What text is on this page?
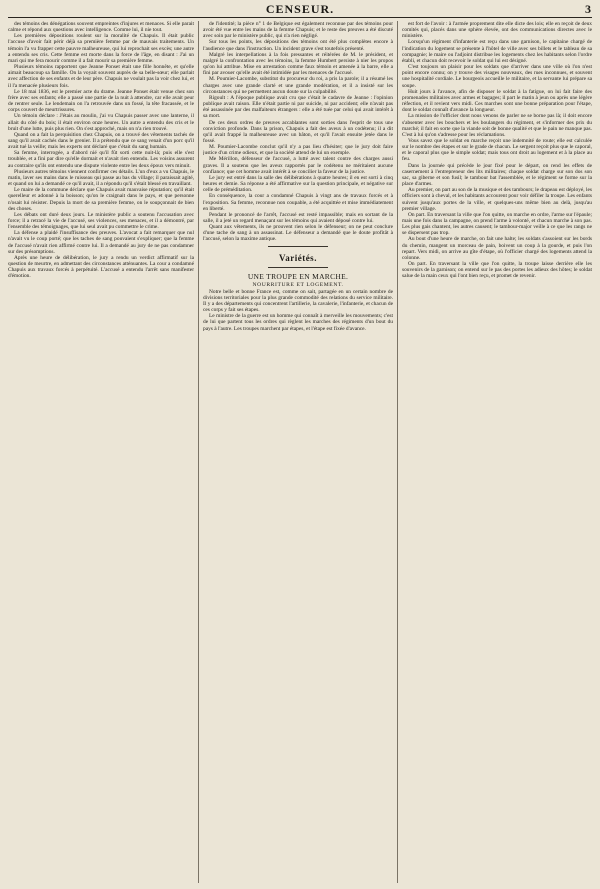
CENSEUR.	3

des témoins des dénégations souvent empreintes d'injures et menaces. Si elle parait calme et répond aux questions avec intelligence. Comme lui, il nie tout.

Les premières dépositions roulent sur la moralité de Chapuis. Il était public l'accuse d'avoir fait périr déjà sa première femme par de mauvais traitements. Un témoin l'a vu frapper cette pauvre malheureuse, qui lui reprochait ses excès; une autre a entendu ses cris. Cette femme est morte dans la force de l'âge, en disant : J'ai un mari qui me fera mourir comme il a fait mourir sa première femme.

Plusieurs témoins rapportent que Jeanne Ponset était une fille honnête, et qu'elle aimait beaucoup sa famille. On la voyait souvent auprès de sa belle-sœur; elle parlait avec affection de ses enfants et de leur père. Chapuis ne voulait pas la voir chez lui, et il l'a menacée plusieurs fois.

Le 18 mai 1836, est le premier acte du drame. Jeanne Ponset était venue chez son frère avec ses enfants; elle a passé une partie de la nuit à attendre, car elle avait peur de rentrer seule. Le lendemain on l'a retrouvée dans un fossé, la tête fracassée, et le corps couvert de meurtrissures.

Un témoin déclare : J'étais au moulin, j'ai vu Chapuis passer avec une lanterne, il allait du côté du bois; il était environ onze heures. Un autre a entendu des cris et le bruit d'une lutte, puis plus rien. On s'est approché, mais on n'a rien trouvé.

Quand on a fait la perquisition chez Chapuis, on a trouvé des vêtements tachés de sang qu'il avait cachés dans le grenier. Il a prétendu que ce sang venait d'un porc qu'il avait tué la veille; mais les experts ont déclaré que c'était du sang humain.

Sa femme, interrogée, a d'abord nié qu'il fût sorti cette nuit-là; puis elle s'est troublée, et a fini par dire qu'elle dormait et n'avait rien entendu. Les voisins assurent au contraire qu'ils ont entendu une dispute violente entre les deux époux vers minuit.

Plusieurs autres témoins viennent confirmer ces détails. L'un d'eux a vu Chapuis, le matin, laver ses mains dans le ruisseau qui passe au bas du village; il paraissait agité, et quand on lui a demandé ce qu'il avait, il a répondu qu'il s'était blessé en travaillant.

Le maire de la commune déclare que Chapuis avait mauvaise réputation; qu'il était querelleur et adonné à la boisson; qu'on le craignait dans le pays, et que personne n'osait lui résister. Depuis la mort de sa première femme, on le soupçonnait de bien des choses.

Les débats ont duré deux jours. Le ministère public a soutenu l'accusation avec force; il a retracé la vie de l'accusé, ses violences, ses menaces, et il a démontré, par l'ensemble des témoignages, que lui seul avait pu commettre le crime.

La défense a plaidé l'insuffisance des preuves. L'avocat a fait remarquer que nul n'avait vu le coup porté; que les taches de sang pouvaient s'expliquer; que la femme de l'accusé n'avait rien affirmé contre lui. Il a demandé au jury de ne pas condamner sur des présomptions.

Après une heure de délibération, le jury a rendu un verdict affirmatif sur la question de meurtre, en admettant des circonstances atténuantes. La cour a condamné Chapuis aux travaux forcés à perpétuité. L'accusé a entendu l'arrêt sans manifester d'émotion.

de l'identité; la pièce n° 1 de Belgique est également reconnue par des témoins pour avoir été vue entre les mains de la femme Chapuis; et le reste des preuves a été discuté avec soin par le ministère public, qui n'a rien négligé.

Sur tous les points, les dépositions des témoins ont été plus complètes encore à l'audience que dans l'instruction. Un incident grave s'est toutefois présenté.

Malgré les interpellations à la fois pressantes et réitérées de M. le président, et malgré la confrontation avec les témoins, la femme Humbert persiste à nier les propos qu'on lui attribue. Mise en arrestation comme faux témoin et amenée à la barre, elle a fini par avouer qu'elle avait été intimidée par les menaces de l'accusé.

M. Poumier-Lacombe, substitut du procureur du roi, a pris la parole; il a résumé les charges avec une grande clarté et une grande modération, et il a insisté sur les circonstances qui ne permettent aucun doute sur la culpabilité.

Rigoult : A l'époque publique avait cru que c'était le cadavre de Jeanne : l'opinion publique avait raison. Elle n'était partie ni par suicide, ni par accident; elle n'avait pas été assassinée par des malfaiteurs étrangers : elle a été tuée par celui qui avait intérêt à sa mort.

De ces deux ordres de preuves accablantes sont sorties dans l'esprit de tous une conviction profonde. Dans la prison, Chapuis a fait des aveux à un codétenu; il a dit qu'il avait frappé la malheureuse avec un bâton, et qu'il l'avait ensuite jetée dans le fossé.

M. Poumier-Lacombe conclut qu'il n'y a pas lieu d'hésiter; que le jury doit faire justice d'un crime odieux, et que la société attend de lui un exemple.

Me Mérillon, défenseur de l'accusé, a lutté avec talent contre des charges aussi graves. Il a soutenu que les aveux rapportés par le codétenu ne méritaient aucune confiance; que cet homme avait intérêt à se concilier la faveur de la justice.

Le jury est entré dans la salle des délibérations à quatre heures; il en est sorti à cinq heures et demie. Sa réponse a été affirmative sur la question principale, et négative sur celle de préméditation.

En conséquence, la cour a condamné Chapuis à vingt ans de travaux forcés et à l'exposition. Sa femme, reconnue non coupable, a été acquittée et mise immédiatement en liberté.

Pendant le prononcé de l'arrêt, l'accusé est resté impassible; mais en sortant de la salle, il a jeté un regard menaçant sur les témoins qui avaient déposé contre lui.

Quant aux vêtements, ils ne prouvent rien selon le défenseur; on ne peut conclure d'une tache de sang à un assassinat. Le défenseur a demandé que le doute profitât à l'accusé, selon la maxime antique.

Variétés.
UNE TROUPE EN MARCHE.
NOURRITURE ET LOGEMENT.

Notre belle et bonne France est, comme on sait, partagée en un certain nombre de divisions territoriales pour la plus grande commodité des relations du service militaire. Il y a des départements qui concentrent l'artillerie, la cavalerie, l'infanterie, et chacun de ces corps y fait ses étapes.

Le ministre de la guerre est un homme qui connaît à merveille les mouvements; c'est de lui que partent tous les ordres qui règlent les marches des régiments d'un bout du pays à l'autre. Les troupes marchent par étapes, et l'étape est fixée d'avance.

est fort de l'avoir : à l'armée proprement dite elle dicte des lois; elle en reçoit de deux comités qui, placés dans une sphère élevée, ont des communications directes avec le ministère.

Lorsqu'un régiment d'infanterie est reçu dans une garnison, le capitaine chargé de l'indication du logement se présente à l'hôtel de ville avec ses billets et le tableau de sa compagnie; le maire ou l'adjoint distribue les logements chez les habitants selon l'ordre établi, et chacun doit recevoir le soldat qui lui est désigné.

C'est toujours un plaisir pour les soldats que d'arriver dans une ville où l'on n'est point encore connu; on y trouve des visages nouveaux, des rues inconnues, et souvent une hospitalité cordiale. Le bourgeois accueille le militaire, et la servante lui prépare sa soupe.

Huit jours à l'avance, afin de disposer le soldat à la fatigue, on lui fait faire des promenades militaires avec armes et bagages; il part le matin à jeun ou après une légère réfection, et il revient vers midi. Ces marches sont une bonne préparation pour l'étape, dont le soldat connaît d'avance la longueur.

La mission de l'officier dont nous venons de parler ne se borne pas là; il doit encore s'absenter avec les bouchers et les boulangers du régiment, et s'informer des prix du marché; il fait en sorte que la viande soit de bonne qualité et que le pain ne manque pas. C'est à lui qu'on s'adresse pour les réclamations.

Vous savez que le soldat en marche reçoit une indemnité de route; elle est calculée sur le nombre des étapes et sur le grade de chacun. Le sergent reçoit plus que le caporal, et le caporal plus que le simple soldat; mais tous ont droit au logement et à la place au feu.

Dans la journée qui précède le jour fixé pour le départ, on rend les effets de casernement à l'entrepreneur des lits militaires; chaque soldat charge sur son dos son sac, sa giberne et son fusil; le tambour bat l'assemblée, et le régiment se forme sur la place d'armes.

Au premier, on part au son de la musique et des tambours; le drapeau est déployé, les officiers sont à cheval, et les habitants accourent pour voir défiler la troupe. Les enfants suivent jusqu'aux portes de la ville, et quelques-uns même bien au delà, jusqu'au premier village.

On part. En traversant la ville que l'on quitte, on marche en ordre, l'arme sur l'épaule; mais une fois dans la campagne, on prend l'arme à volonté, et chacun marche à son pas. Les plus gais chantent, les autres causent; le tambour-major veille à ce que les rangs ne se dispersent pas trop.

Au bout d'une heure de marche, on fait une halte; les soldats s'assoient sur les bords du chemin, mangent un morceau de pain, boivent un coup à la gourde, et puis l'on repart. Vers midi, on arrive au gîte d'étape, où l'officier chargé des logements attend la colonne.

On part. En traversant la ville que l'on quitte, la troupe laisse derrière elle les souvenirs de la garnison; on entend sur le pas des portes les adieux des hôtes; le soldat salue de la main ceux qui l'ont bien reçu, et promet de revenir.
